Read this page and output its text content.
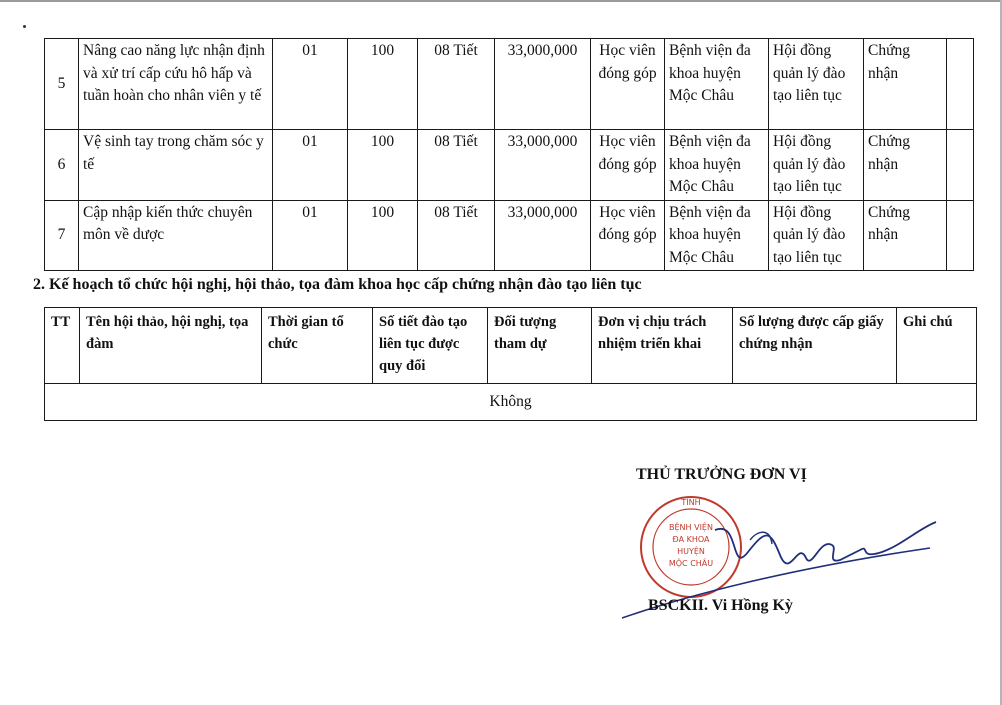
5	Nâng cao năng lực nhận định và xử trí cấp cứu hô hấp và tuần hoàn cho nhân viên y tế	01	100	08 Tiết	33,000,000	Học viên đóng góp	Bệnh viện đa khoa huyện Mộc Châu	Hội đồng quản lý đào tạo liên tục	Chứng nhận	
6	Vệ sinh tay trong chăm sóc y tế	01	100	08 Tiết	33,000,000	Học viên đóng góp	Bệnh viện đa khoa huyện Mộc Châu	Hội đồng quản lý đào tạo liên tục	Chứng nhận	
7	Cập nhập kiến thức chuyên môn về dược	01	100	08 Tiết	33,000,000	Học viên đóng góp	Bệnh viện đa khoa huyện Mộc Châu	Hội đồng quản lý đào tạo liên tục	Chứng nhận	
2. Kế hoạch tổ chức hội nghị, hội thảo, tọa đàm khoa học cấp chứng nhận đào tạo liên tục
TT	Tên hội thảo, hội nghị, tọa đàm	Thời gian tổ chức	Số tiết đào tạo liên tục được quy đổi	Đối tượng tham dự	Đơn vị chịu trách nhiệm triển khai	Số lượng được cấp giấy chứng nhận	Ghi chú
Không
THỦ TRƯỞNG ĐƠN VỊ
TỈNH
BỆNH VIỆN
ĐA KHOA
HUYỆN
MỘC CHÂU
BSCKII. Vi Hồng Kỳ
